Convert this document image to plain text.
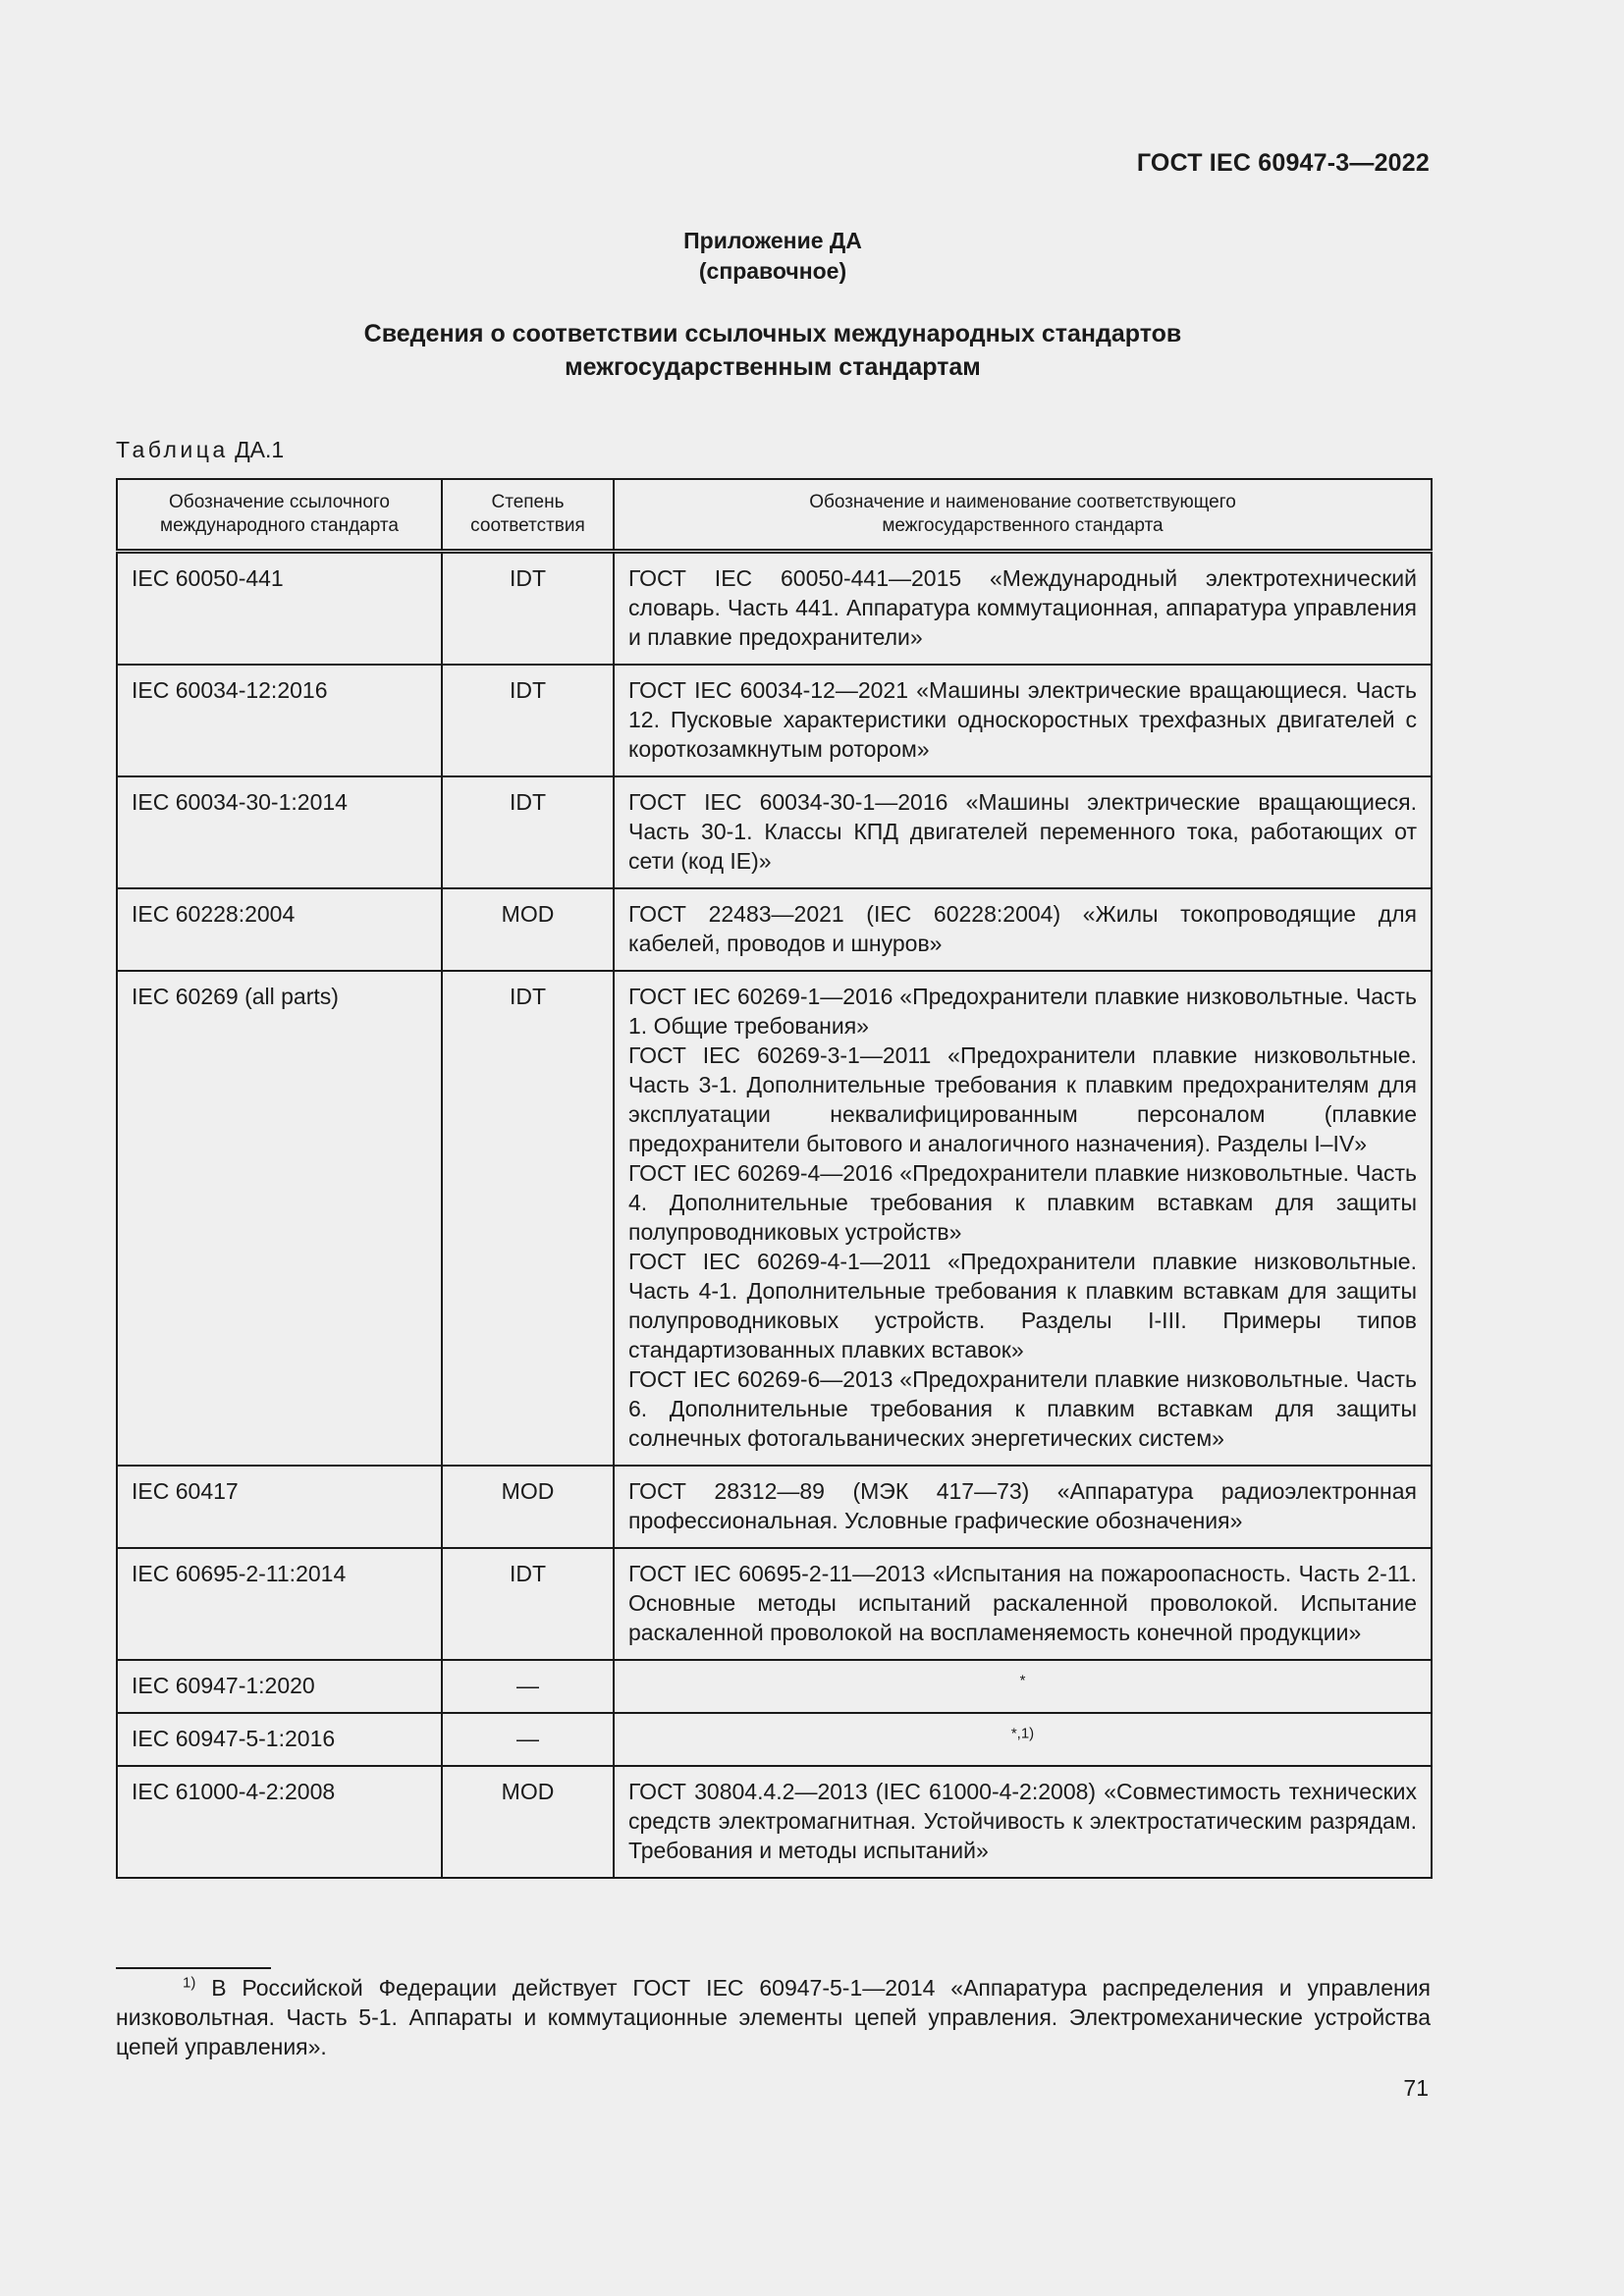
ГОСТ IEC 60947-3—2022
Приложение ДА
(справочное)
Сведения о соответствии ссылочных международных стандартов
межгосударственным стандартам
Таблица ДА.1
Обозначение ссылочного международного стандарта	Степень соответствия	Обозначение и наименование соответствующего межгосударственного стандарта
IEC 60050-441	IDT	ГОСТ IEC 60050-441—2015 «Международный электротехнический словарь. Часть 441. Аппаратура коммутационная, аппаратура управления и плавкие предохранители»

IEC 60034-12:2016	IDT	ГОСТ IEC 60034-12—2021 «Машины электрические вращающиеся. Часть 12. Пусковые характеристики односкоростных трехфазных двигателей с короткозамкнутым ротором»

IEC 60034-30-1:2014	IDT	ГОСТ IEC 60034-30-1—2016 «Машины электрические вращающиеся. Часть 30-1. Классы КПД двигателей переменного тока, работающих от сети (код IE)»

IEC 60228:2004	MOD	ГОСТ 22483—2021 (IEC 60228:2004) «Жилы токопроводящие для кабелей, проводов и шнуров»

IEC 60269 (all parts)	IDT	ГОСТ IEC 60269-1—2016 «Предохранители плавкие низковольтные. Часть 1. Общие требования»
ГОСТ IEC 60269-3-1—2011 «Предохранители плавкие низковольтные. Часть 3-1. Дополнительные требования к плавким предохранителям для эксплуатации неквалифицированным персоналом (плавкие предохранители бытового и аналогичного назначения). Разделы I–IV»
ГОСТ IEC 60269-4—2016 «Предохранители плавкие низковольтные. Часть 4. Дополнительные требования к плавким вставкам для защиты полупроводниковых устройств»
ГОСТ IEC 60269-4-1—2011 «Предохранители плавкие низковольтные. Часть 4-1. Дополнительные требования к плавким вставкам для защиты полупроводниковых устройств. Разделы I-III. Примеры типов стандартизованных плавких вставок»
ГОСТ IEC 60269-6—2013 «Предохранители плавкие низковольтные. Часть 6. Дополнительные требования к плавким вставкам для защиты солнечных фотогальванических энергетических систем»

IEC 60417	MOD	ГОСТ 28312—89 (МЭК 417—73) «Аппаратура радиоэлектронная профессиональная. Условные графические обозначения»

IEC 60695-2-11:2014	IDT	ГОСТ IEC 60695-2-11—2013 «Испытания на пожароопасность. Часть 2-11. Основные методы испытаний раскаленной проволокой. Испытание раскаленной проволокой на воспламеняемость конечной продукции»

IEC 60947-1:2020	—	*
IEC 60947-5-1:2016	—	$^{*,1)}$
IEC 61000-4-2:2008	MOD	ГОСТ 30804.4.2—2013 (IEC 61000-4-2:2008) «Совместимость технических средств электромагнитная. Устойчивость к электростатическим разрядам. Требования и методы испытаний»
$^{1)}$ В Российской Федерации действует ГОСТ IEC 60947-5-1—2014 «Аппаратура распределения и управления низковольтная. Часть 5-1. Аппараты и коммутационные элементы цепей управления. Электромеханические устройства цепей управления».
71
